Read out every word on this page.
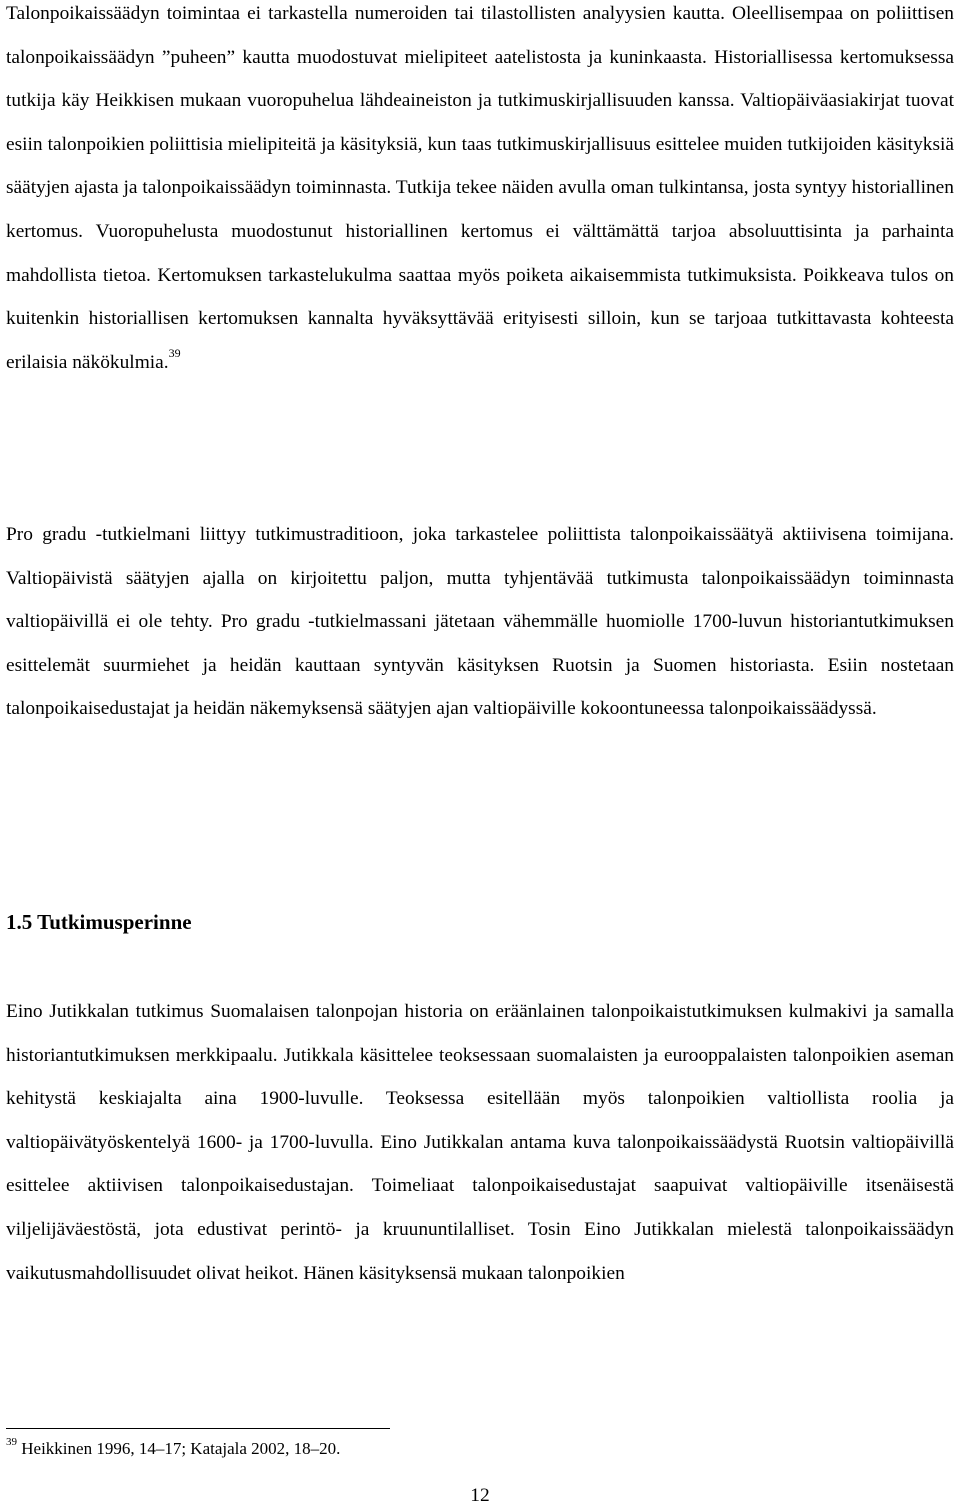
Talonpoikaissäädyn toimintaa ei tarkastella numeroiden tai tilastollisten analyysien kautta. Oleellisempaa on poliittisen talonpoikaissäädyn ”puheen” kautta muodostuvat mielipiteet aatelistosta ja kuninkaasta. Historiallisessa kertomuksessa tutkija käy Heikkisen mukaan vuoropuhelua lähdeaineiston ja tutkimuskirjallisuuden kanssa. Valtiopäiväasiakirjat tuovat esiin talonpoikien poliittisia mielipiteitä ja käsityksiä, kun taas tutkimuskirjallisuus esittelee muiden tutkijoiden käsityksiä säätyjen ajasta ja talonpoikaissäädyn toiminnasta. Tutkija tekee näiden avulla oman tulkintansa, josta syntyy historiallinen kertomus. Vuoropuhelusta muodostunut historiallinen kertomus ei välttämättä tarjoa absoluuttisinta ja parhainta mahdollista tietoa. Kertomuksen tarkastelukulma saattaa myös poiketa aikaisemmista tutkimuksista. Poikkeava tulos on kuitenkin historiallisen kertomuksen kannalta hyväksyttävää erityisesti silloin, kun se tarjoaa tutkittavasta kohteesta erilaisia näkökulmia.$^{39}$

Pro gradu -tutkielmani liittyy tutkimustraditioon, joka tarkastelee poliittista talonpoikaissäätyä aktiivisena toimijana. Valtiopäivistä säätyjen ajalla on kirjoitettu paljon, mutta tyhjentävää tutkimusta talonpoikaissäädyn toiminnasta valtiopäivillä ei ole tehty. Pro gradu -tutkielmassani jätetaan vähemmälle huomiolle 1700-luvun historiantutkimuksen esittelemät suurmiehet ja heidän kauttaan syntyvän käsityksen Ruotsin ja Suomen historiasta. Esiin nostetaan talonpoikaisedustajat ja heidän näkemyksensä säätyjen ajan valtiopäiville kokoontuneessa talonpoikaissäädyssä.

1.5 Tutkimusperinne

Eino Jutikkalan tutkimus Suomalaisen talonpojan historia on eräänlainen talonpoikaistutkimuksen kulmakivi ja samalla historiantutkimuksen merkkipaalu. Jutikkala käsittelee teoksessaan suomalaisten ja eurooppalaisten talonpoikien aseman kehitystä keskiajalta aina 1900-luvulle. Teoksessa esitellään myös talonpoikien valtiollista roolia ja valtiopäivätyöskentelyä 1600- ja 1700-luvulla. Eino Jutikkalan antama kuva talonpoikaissäädystä Ruotsin valtiopäivillä esittelee aktiivisen talonpoikaisedustajan. Toimeliaat talonpoikaisedustajat saapuivat valtiopäiville itsenäisestä viljelijäväestöstä, jota edustivat perintö- ja kruununtilalliset. Tosin Eino Jutikkalan mielestä talonpoikaissäädyn vaikutusmahdollisuudet olivat heikot. Hänen käsityksensä mukaan talonpoikien

$^{39}$ Heikkinen 1996, 14–17; Katajala 2002, 18–20.

12
